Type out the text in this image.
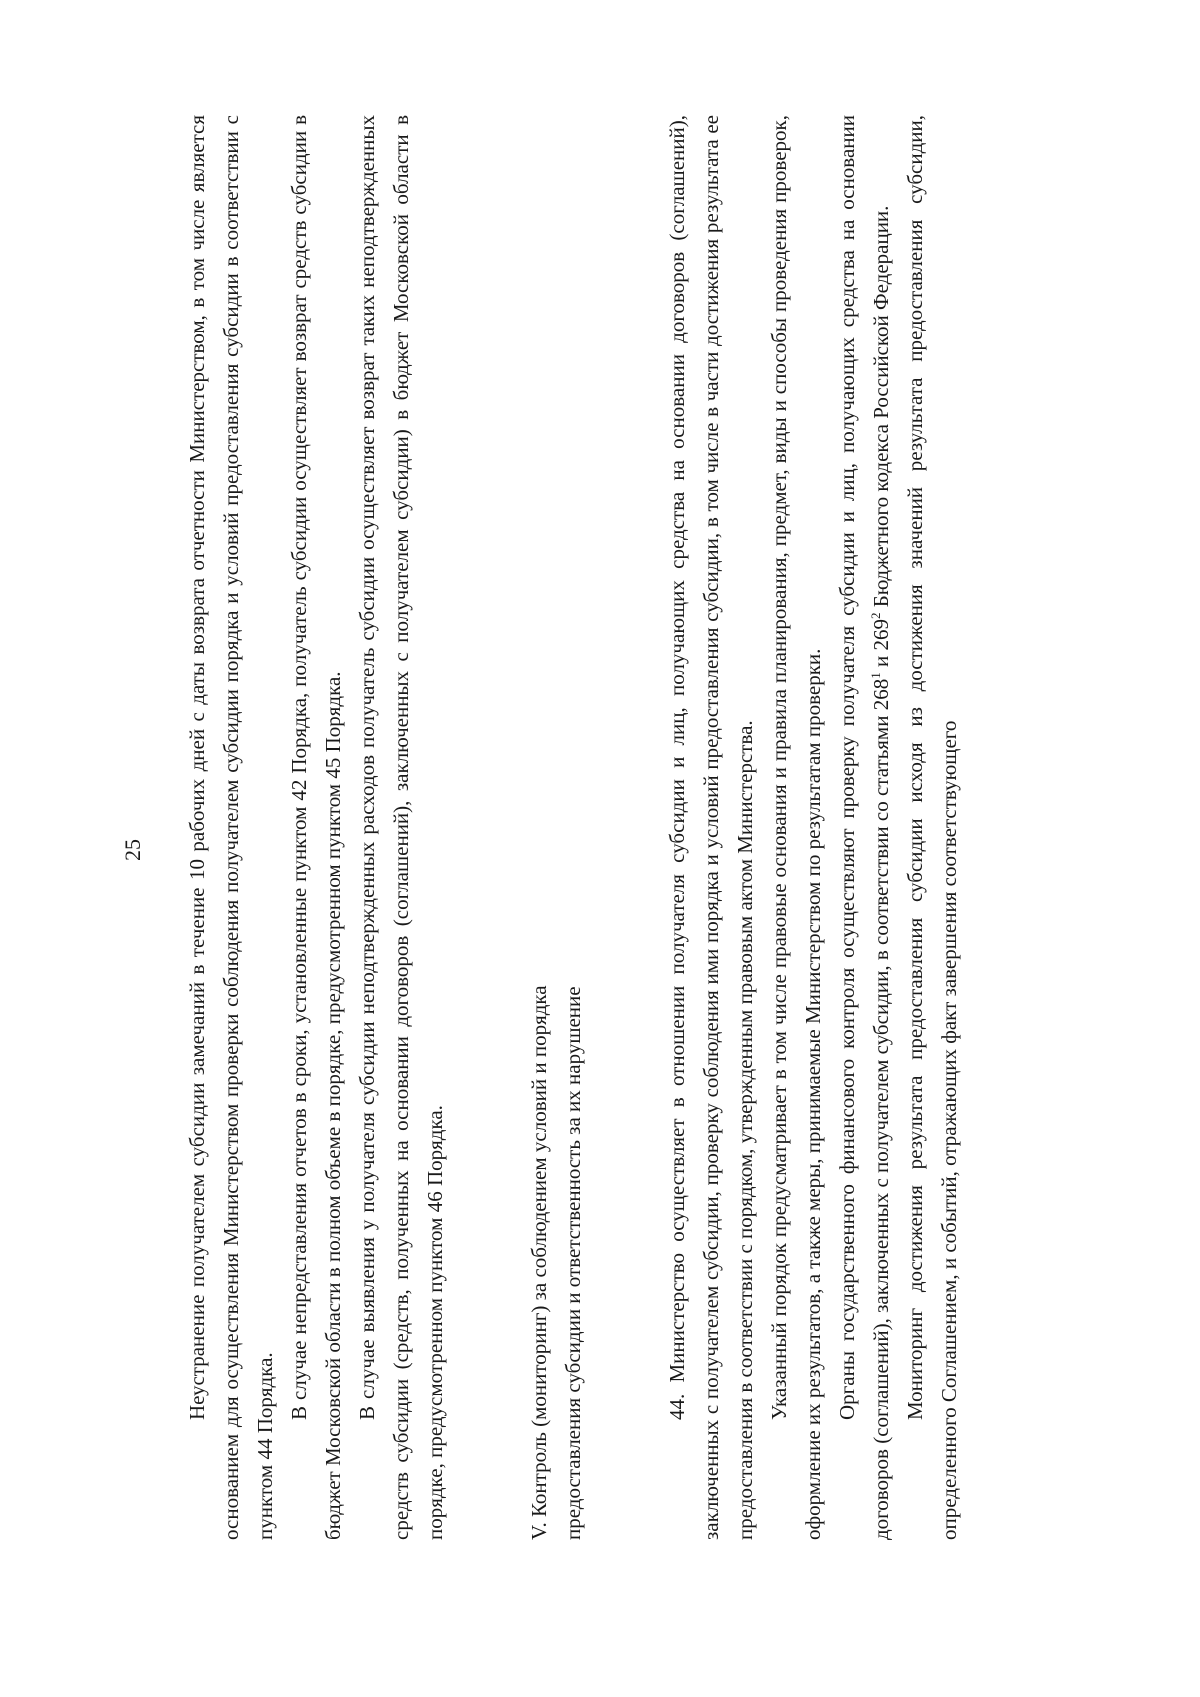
25 Неустранение получателем субсидии замечаний в течение 10 рабочих дней с даты возврата отчетности Министерством, в том числе является основанием для осуществления Министерством проверки соблюдения получателем субсидии порядка и условий предоставления субсидии в соответствии с пунктом 44 Порядка.

В случае непредставления отчетов в сроки, установленные пунктом 42 Порядка, получатель субсидии осуществляет возврат средств субсидии в бюджет Московской области в полном объеме в порядке, предусмотренном пунктом 45 Порядка. В случае выявления у получателя субсидии неподтвержденных расходов получатель субсидии осуществляет возврат таких неподтвержденных средств субсидии (средств, полученных на основании договоров (соглашений), заключенных с получателем субсидии) в бюджет Московской области в порядке, предусмотренном пунктом 46 Порядка.	V. Контроль (мониторинг) за соблюдением условий и порядка предоставления субсидии и ответственность за их нарушение	44. Министерство осуществляет в отношении получателя субсидии и лиц, получающих средства на основании договоров (соглашений), заключенных с получателем субсидии, проверку соблюдения ими порядка и условий предоставления субсидии, в том числе в части достижения результата ее предоставления в соответствии с порядком, утвержденным правовым актом Министерства. Указанный порядок предусматривает в том числе правовые основания и правила планирования, предмет, виды и способы проведения проверок, оформление их результатов, а также меры, принимаемые Министерством по результатам проверки. Органы государственного финансового контроля осуществляют проверку получателя субсидии и лиц, получающих средства на основании договоров (соглашений), заключенных с получателем субсидии, в соответствии со статьями $268^1$ и $269^2$ Бюджетного кодекса Российской Федерации. Мониторинг достижения результата предоставления субсидии исходя из достижения значений результата предоставления субсидии, определенного Соглашением, и событий, отражающих факт завершения соответствующего
